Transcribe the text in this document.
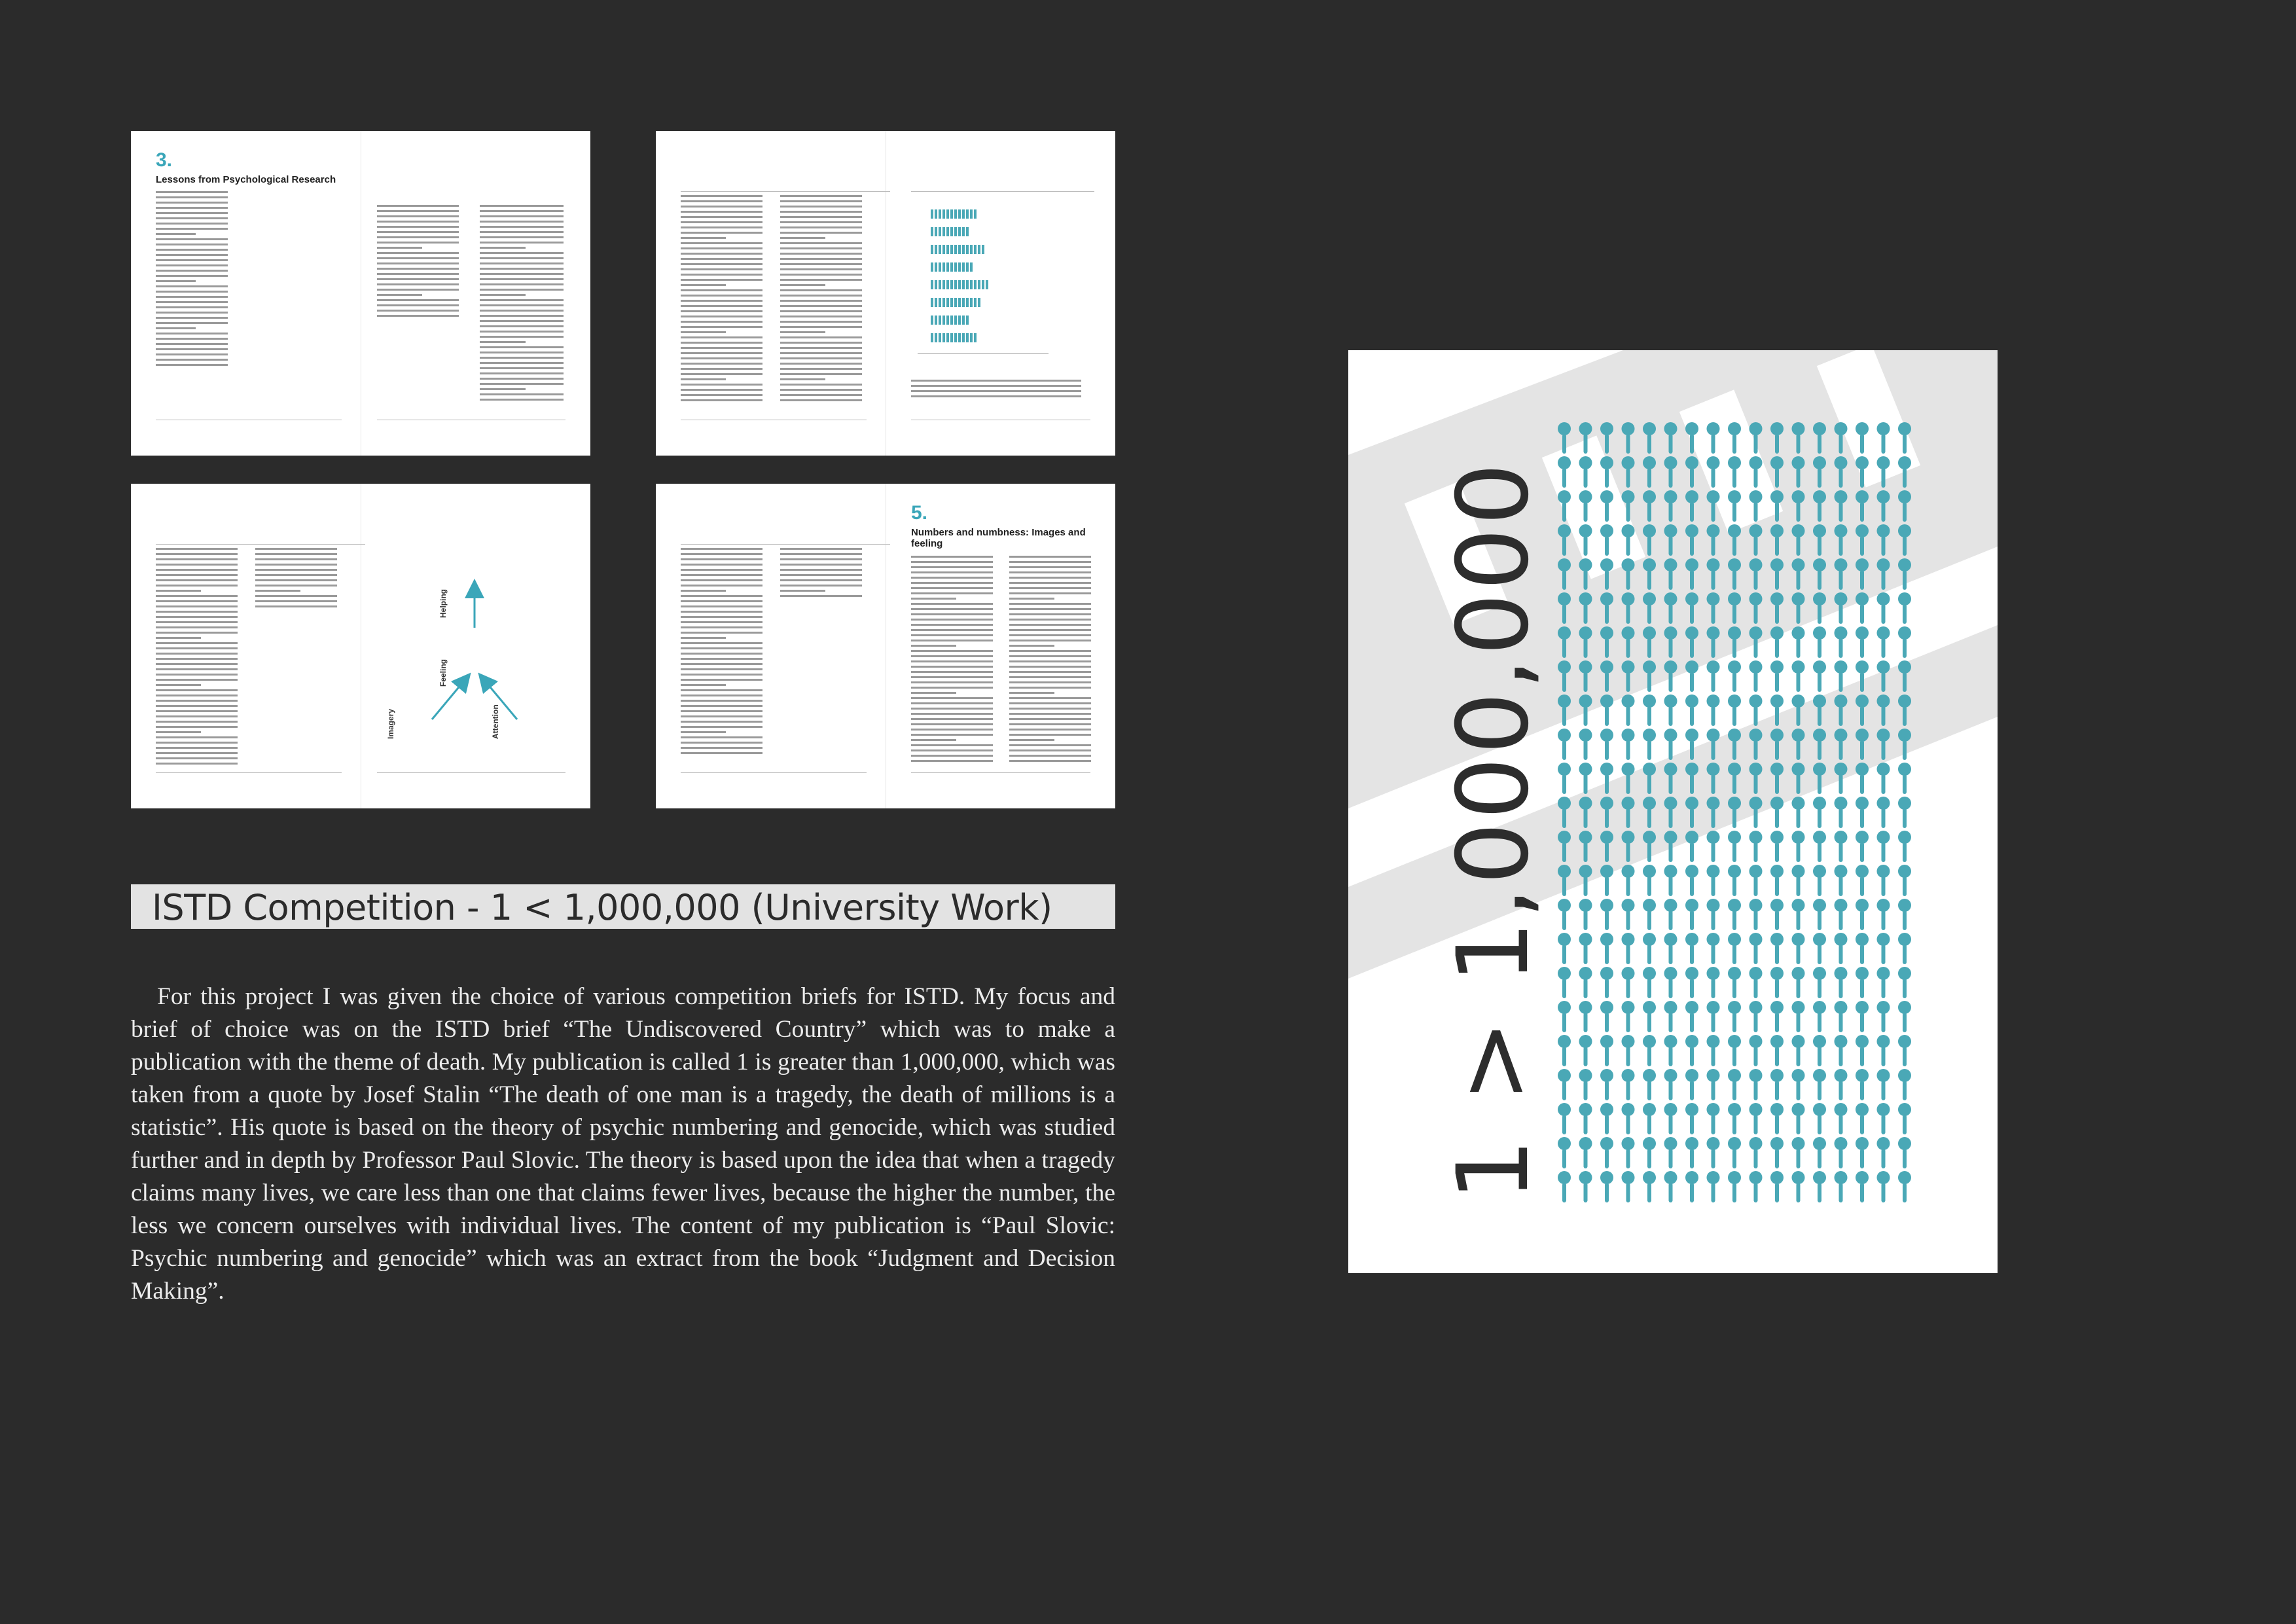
3.
Lessons from Psychological Research
Helping
Feeling
Imagery	Attention
5.
Numbers and numbness: Images and feeling
ISTD Competition - 1 < 1,000,000 (University Work)

For this project I was given the choice of various competition briefs for ISTD. My focus and brief of choice was on the ISTD brief “The Undiscovered Country” which was to make a publication with the theme of death. My publication is called 1 is greater than 1,000,000, which was taken from a quote by Josef Stalin “The death of one man is a tragedy, the death of millions is a statistic”. His quote is based on the theory of psychic numbering and genocide, which was studied further and in depth by Professor Paul Slovic. The theory is based upon the idea that when a tragedy claims many lives, we care less than one that claims fewer lives, because the higher the number, the less we concern ourselves with individual lives. The content of my publication is “Paul Slovic: Psychic numbering and genocide” which was an extract from the book “Judgment and Decision Making”.

1 > 1,000,000
